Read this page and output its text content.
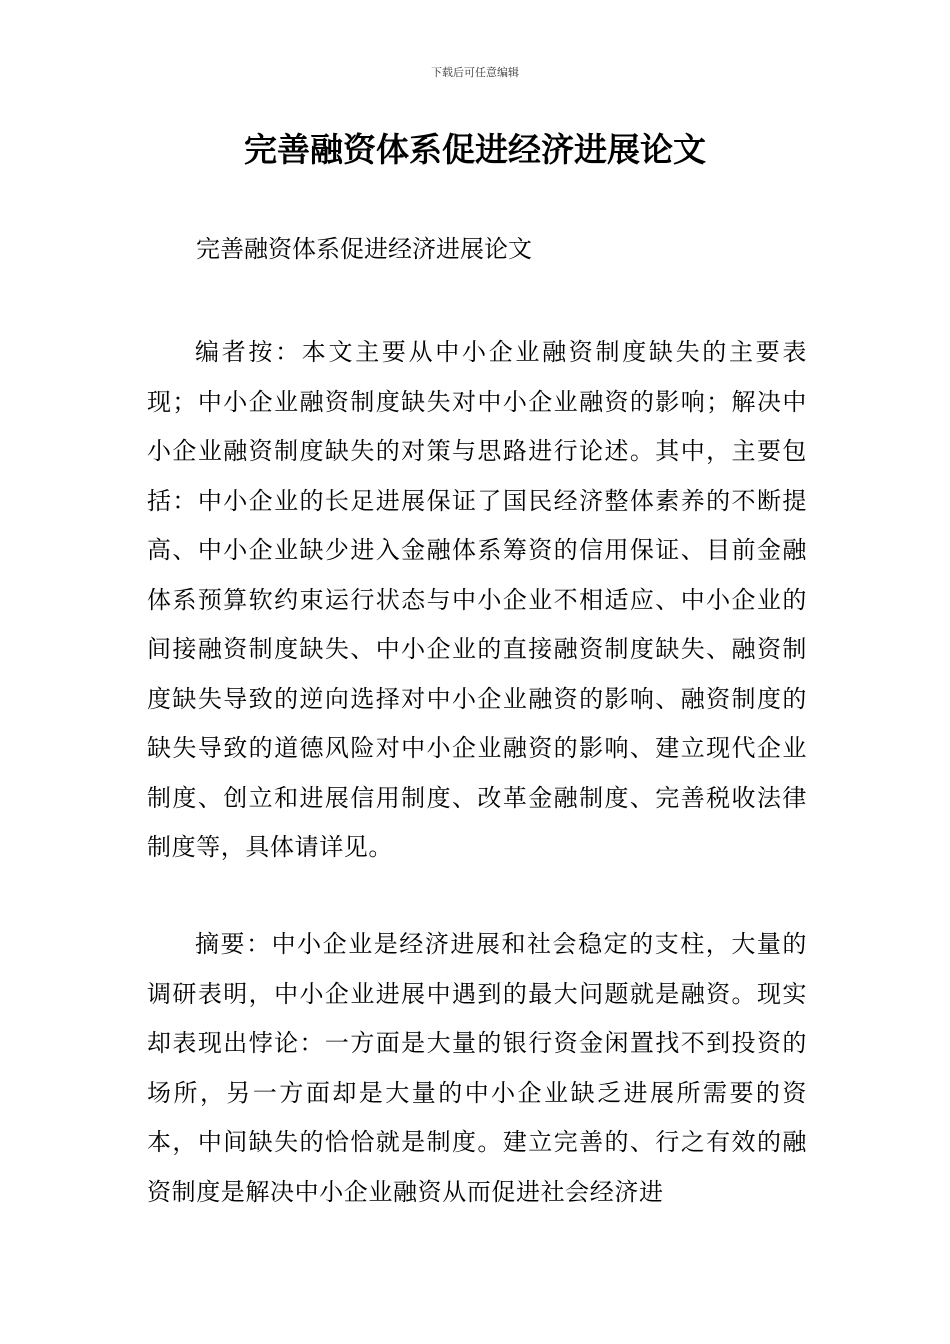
下载后可任意编辑
完善融资体系促进经济进展论文
完善融资体系促进经济进展论文

编者按：本文主要从中小企业融资制度缺失的主要表现；中小企业融资制度缺失对中小企业融资的影响；解决中小企业融资制度缺失的对策与思路进行论述。其中，主要包括：中小企业的长足进展保证了国民经济整体素养的不断提高、中小企业缺少进入金融体系筹资的信用保证、目前金融体系预算软约束运行状态与中小企业不相适应、中小企业的间接融资制度缺失、中小企业的直接融资制度缺失、融资制度缺失导致的逆向选择对中小企业融资的影响、融资制度的缺失导致的道德风险对中小企业融资的影响、建立现代企业制度、创立和进展信用制度、改革金融制度、完善税收法律制度等，具体请详见。

摘要：中小企业是经济进展和社会稳定的支柱，大量的调研表明，中小企业进展中遇到的最大问题就是融资。现实却表现出悖论：一方面是大量的银行资金闲置找不到投资的场所，另一方面却是大量的中小企业缺乏进展所需要的资本，中间缺失的恰恰就是制度。建立完善的、行之有效的融资制度是解决中小企业融资从而促进社会经济进
